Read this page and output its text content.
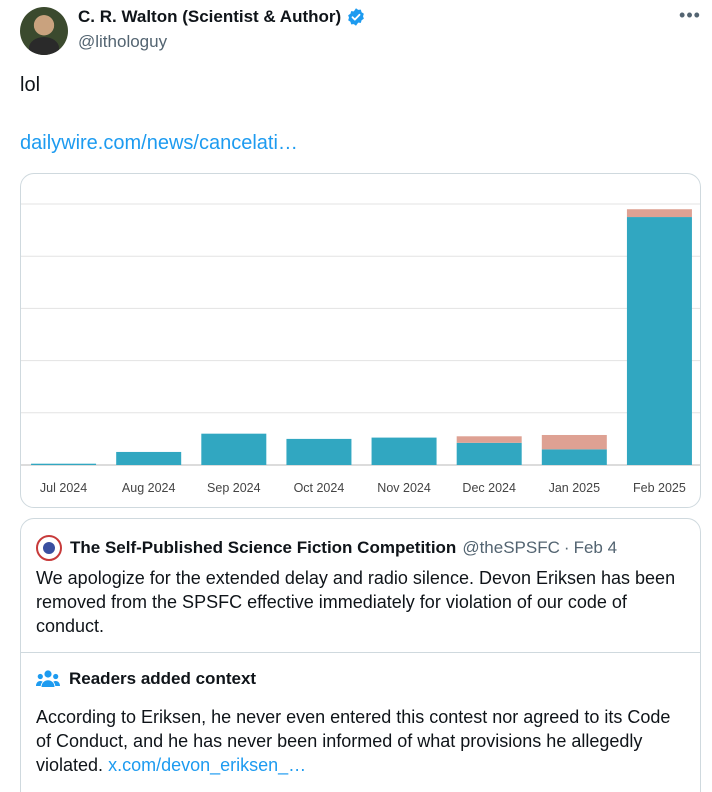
C. R. Walton (Scientist & Author)
@lithologuy
•••
lol
dailywire.com/news/cancelati…
Jul 2024	Aug 2024	Sep 2024	Oct 2024	Nov 2024	Dec 2024	Jan 2025	Feb 2025
The Self-Published Science Fiction Competition @theSPSFC · Feb 4
We apologize for the extended delay and radio silence. Devon Eriksen has been removed from the SPSFC effective immediately for violation of our code of conduct.
Readers added context
According to Eriksen, he never even entered this contest nor agreed to its Code of Conduct, and he has never been informed of what provisions he allegedly violated. x.com/devon_eriksen_…
